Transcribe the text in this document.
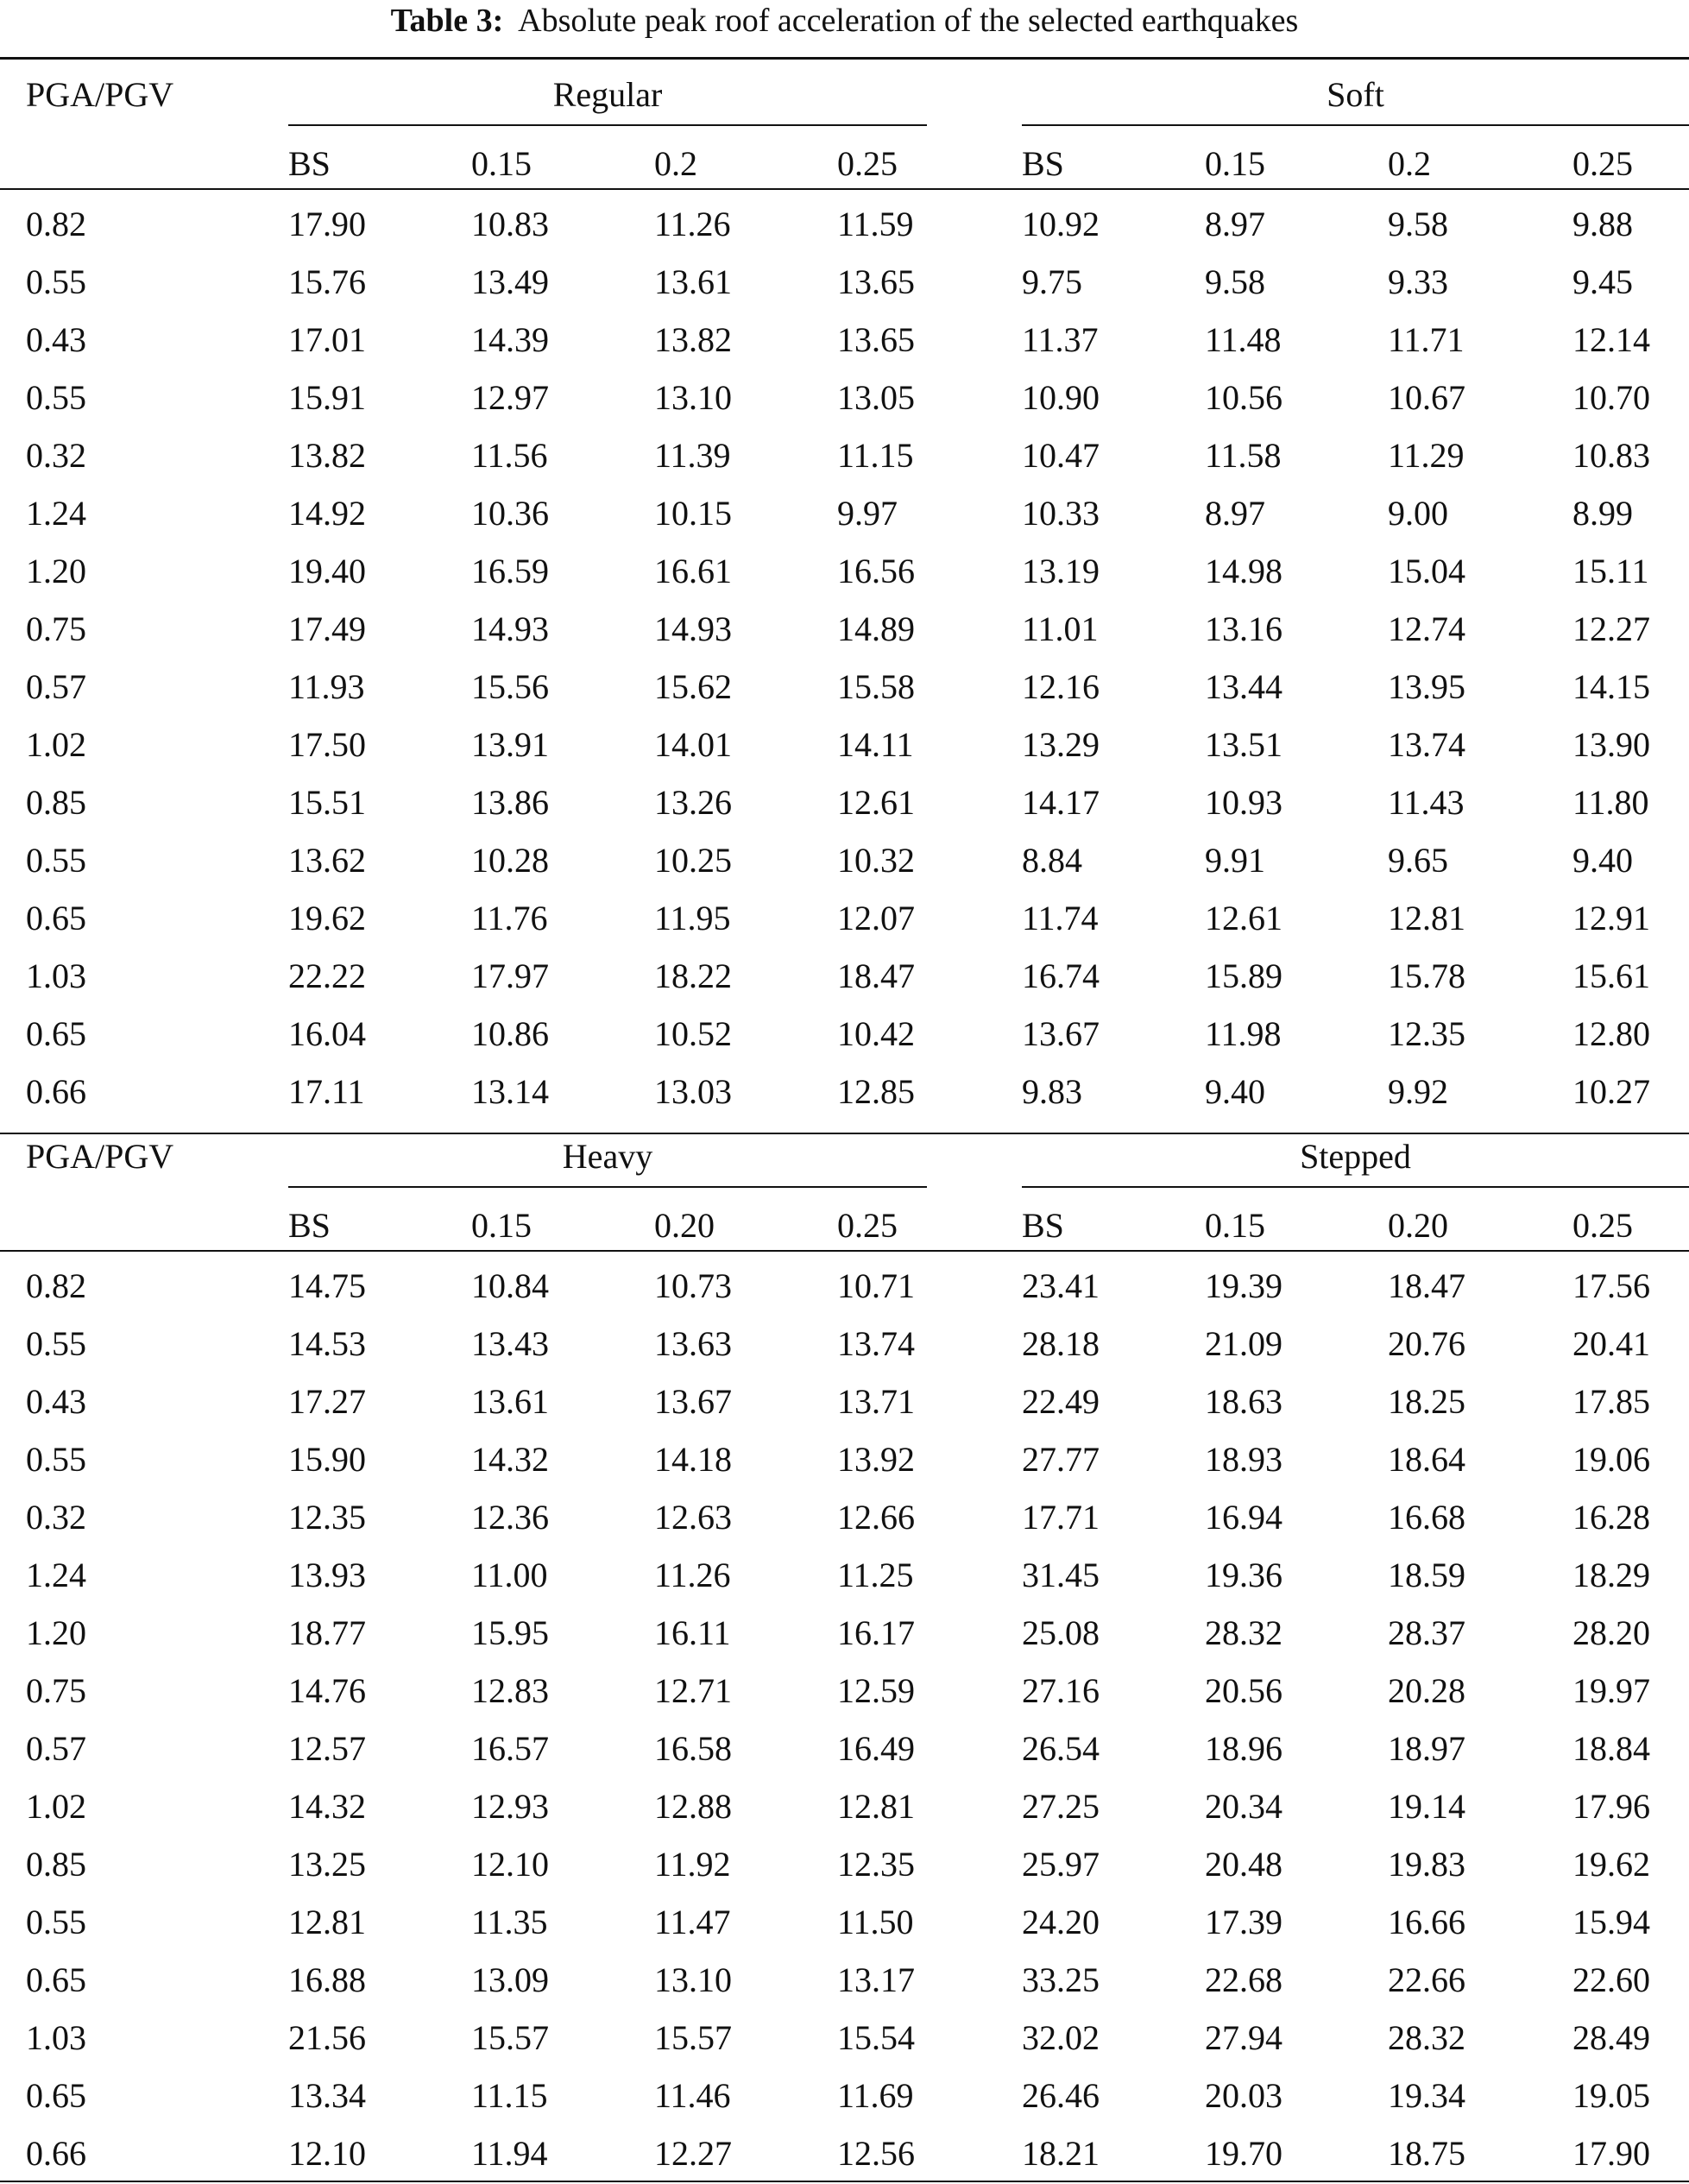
Table 3: Absolute peak roof acceleration of the selected earthquakes
PGA/PGV	Regular
BS	0.15	0.2	0.25
Soft
BS	0.15	0.2	0.25
0.82	17.90	10.83	11.26	11.59	10.92	8.97	9.58	9.88
0.55	15.76	13.49	13.61	13.65	9.75	9.58	9.33	9.45
0.43	17.01	14.39	13.82	13.65	11.37	11.48	11.71	12.14
0.55	15.91	12.97	13.10	13.05	10.90	10.56	10.67	10.70
0.32	13.82	11.56	11.39	11.15	10.47	11.58	11.29	10.83
1.24	14.92	10.36	10.15	9.97	10.33	8.97	9.00	8.99
1.20	19.40	16.59	16.61	16.56	13.19	14.98	15.04	15.11
0.75	17.49	14.93	14.93	14.89	11.01	13.16	12.74	12.27
0.57	11.93	15.56	15.62	15.58	12.16	13.44	13.95	14.15
1.02	17.50	13.91	14.01	14.11	13.29	13.51	13.74	13.90
0.85	15.51	13.86	13.26	12.61	14.17	10.93	11.43	11.80
0.55	13.62	10.28	10.25	10.32	8.84	9.91	9.65	9.40
0.65	19.62	11.76	11.95	12.07	11.74	12.61	12.81	12.91
1.03	22.22	17.97	18.22	18.47	16.74	15.89	15.78	15.61
0.65	16.04	10.86	10.52	10.42	13.67	11.98	12.35	12.80
0.66	17.11	13.14	13.03	12.85	9.83	9.40	9.92	10.27
PGA/PGV	Heavy
BS	0.15	0.20	0.25
Stepped
BS	0.15	0.20	0.25
0.82	14.75	10.84	10.73	10.71	23.41	19.39	18.47	17.56
0.55	14.53	13.43	13.63	13.74	28.18	21.09	20.76	20.41
0.43	17.27	13.61	13.67	13.71	22.49	18.63	18.25	17.85
0.55	15.90	14.32	14.18	13.92	27.77	18.93	18.64	19.06
0.32	12.35	12.36	12.63	12.66	17.71	16.94	16.68	16.28
1.24	13.93	11.00	11.26	11.25	31.45	19.36	18.59	18.29
1.20	18.77	15.95	16.11	16.17	25.08	28.32	28.37	28.20
0.75	14.76	12.83	12.71	12.59	27.16	20.56	20.28	19.97
0.57	12.57	16.57	16.58	16.49	26.54	18.96	18.97	18.84
1.02	14.32	12.93	12.88	12.81	27.25	20.34	19.14	17.96
0.85	13.25	12.10	11.92	12.35	25.97	20.48	19.83	19.62
0.55	12.81	11.35	11.47	11.50	24.20	17.39	16.66	15.94
0.65	16.88	13.09	13.10	13.17	33.25	22.68	22.66	22.60
1.03	21.56	15.57	15.57	15.54	32.02	27.94	28.32	28.49
0.65	13.34	11.15	11.46	11.69	26.46	20.03	19.34	19.05
0.66	12.10	11.94	12.27	12.56	18.21	19.70	18.75	17.90
